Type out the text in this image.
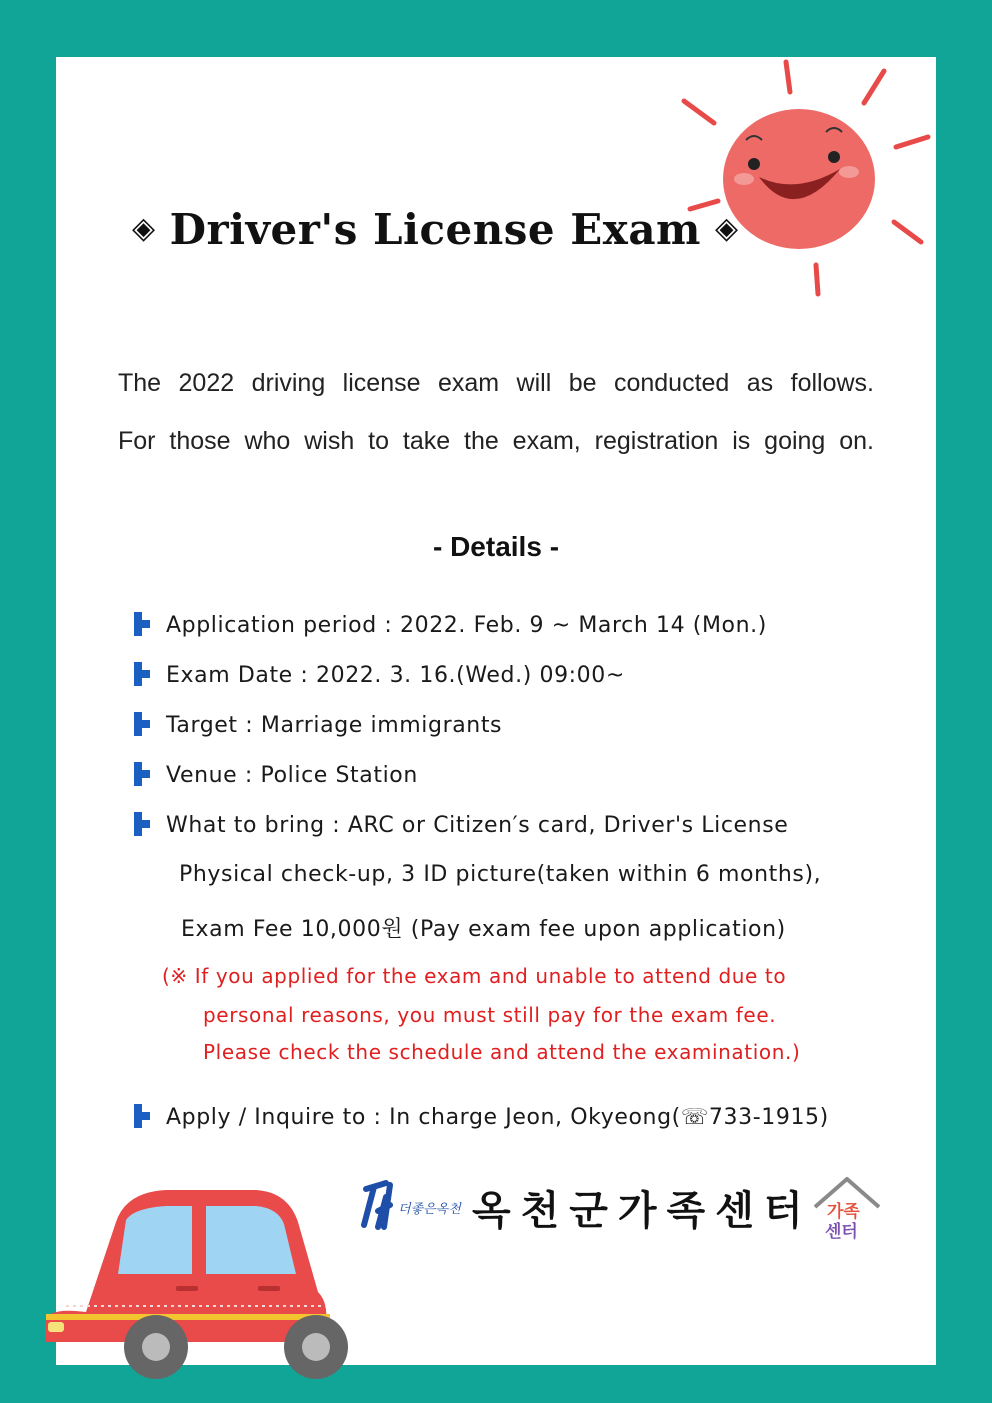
◈ Driver's License Exam ◈
The 2022 driving license exam will be conducted as follows.
For those who wish to take the exam, registration is going on.
- Details -
Application period : 2022. Feb. 9 ~ March 14 (Mon.)
Exam Date : 2022. 3. 16.(Wed.) 09:00~
Target : Marriage immigrants
Venue : Police Station
What to bring : ARC or Citizen′s card, Driver's License
Physical check-up, 3 ID picture(taken within 6 months),
Exam Fee 10,000원 (Pay exam fee upon application)
(※ If you applied for the exam and unable to attend due to
personal reasons, you must still pay for the exam fee.
Please check the schedule and attend the examination.)
Apply / Inquire to : In charge Jeon, Okyeong(☏733-1915)
더좋은옥천 옥천군가족센터 가족
센터
